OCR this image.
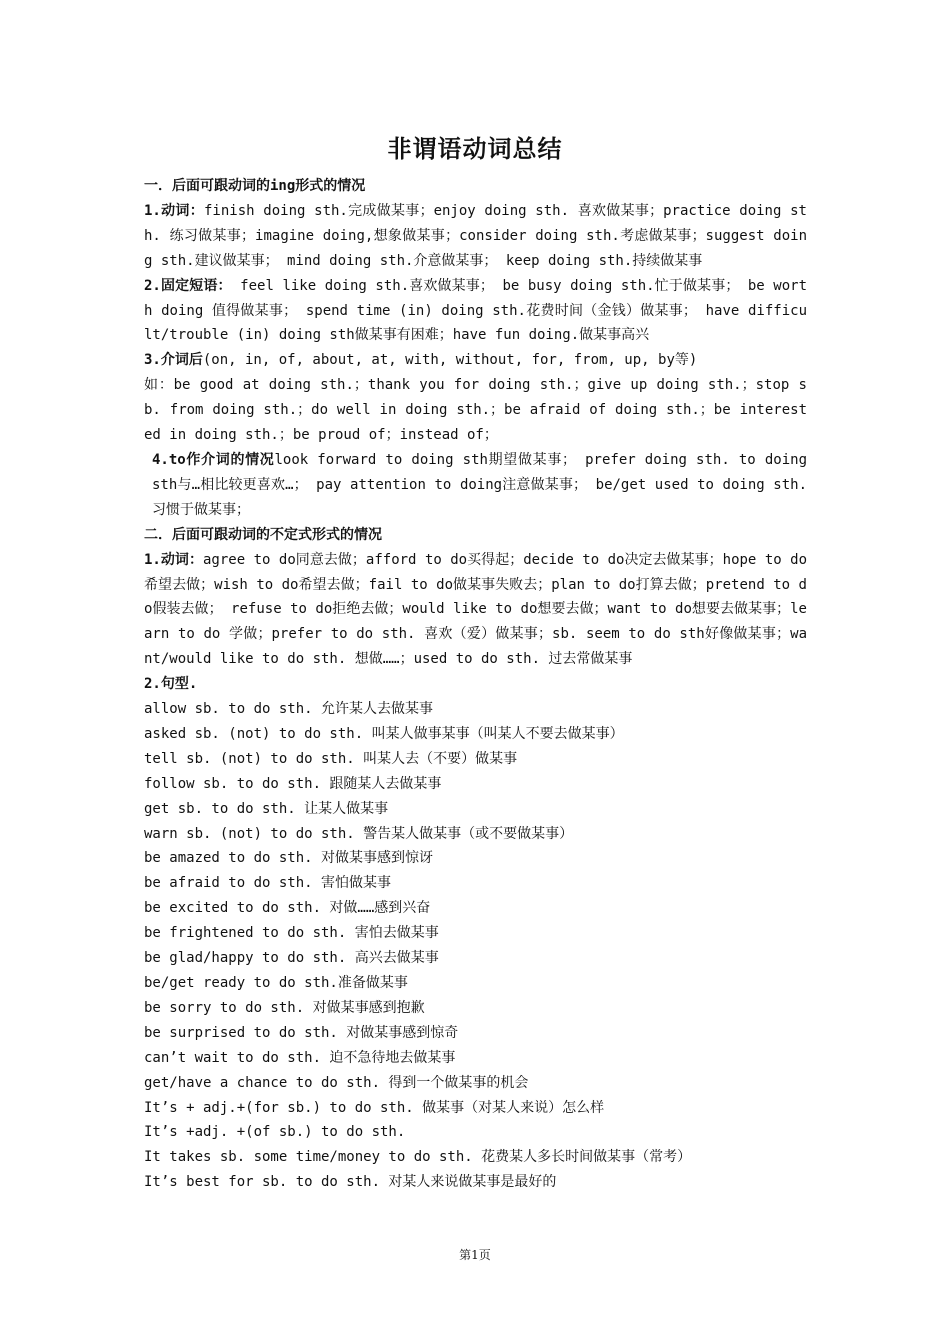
非谓语动词总结

一．后面可跟动词的ing形式的情况

1.动词：finish doing sth.完成做某事；enjoy doing sth. 喜欢做某事；practice doing sth. 练习做某事；imagine doing,想象做某事；consider doing sth.考虑做某事；suggest doing sth.建议做某事； mind doing sth.介意做某事； keep doing sth.持续做某事

2.固定短语： feel like doing sth.喜欢做某事； be busy doing sth.忙于做某事； be worth doing 值得做某事； spend time (in) doing sth.花费时间（金钱）做某事； have difficult/trouble (in) doing sth做某事有困难；have fun doing.做某事高兴

3.介词后(on, in, of, about, at, with, without, for, from, up, by等)

如：be good at doing sth.；thank you for doing sth.；give up doing sth.；stop sb. from doing sth.；do well in doing sth.；be afraid of doing sth.；be interested in doing sth.；be proud of；instead of；

4.to作介词的情况look forward to doing sth期望做某事； prefer doing sth. to doing sth与…相比较更喜欢…； pay attention to doing注意做某事； be/get used to doing sth.习惯于做某事；

二．后面可跟动词的不定式形式的情况

1.动词：agree to do同意去做；afford to do买得起；decide to do决定去做某事；hope to do希望去做；wish to do希望去做；fail to do做某事失败去；plan to do打算去做；pretend to do假装去做； refuse to do拒绝去做；would like to do想要去做；want to do想要去做某事；learn to do 学做；prefer to do sth. 喜欢（爱）做某事；sb. seem to do sth好像做某事；want/would like to do sth. 想做……；used to do sth. 过去常做某事

2.句型.

allow sb. to do sth. 允许某人去做某事

asked sb. (not) to do sth. 叫某人做事某事（叫某人不要去做某事）

tell sb. (not) to do sth. 叫某人去（不要）做某事

follow sb. to do sth. 跟随某人去做某事

get sb. to do sth. 让某人做某事

warn sb. (not) to do sth. 警告某人做某事（或不要做某事）

be amazed to do sth. 对做某事感到惊讶

be afraid to do sth. 害怕做某事

be excited to do sth. 对做……感到兴奋

be frightened to do sth. 害怕去做某事

be glad/happy to do sth. 高兴去做某事

be/get ready to do sth.准备做某事

be sorry to do sth. 对做某事感到抱歉

be surprised to do sth. 对做某事感到惊奇

can’t wait to do sth. 迫不急待地去做某事

get/have a chance to do sth. 得到一个做某事的机会

It’s + adj.+(for sb.) to do sth. 做某事（对某人来说）怎么样

It’s +adj. +(of sb.) to do sth.

It takes sb. some time/money to do sth. 花费某人多长时间做某事（常考）

It’s best for sb. to do sth. 对某人来说做某事是最好的

第1页
